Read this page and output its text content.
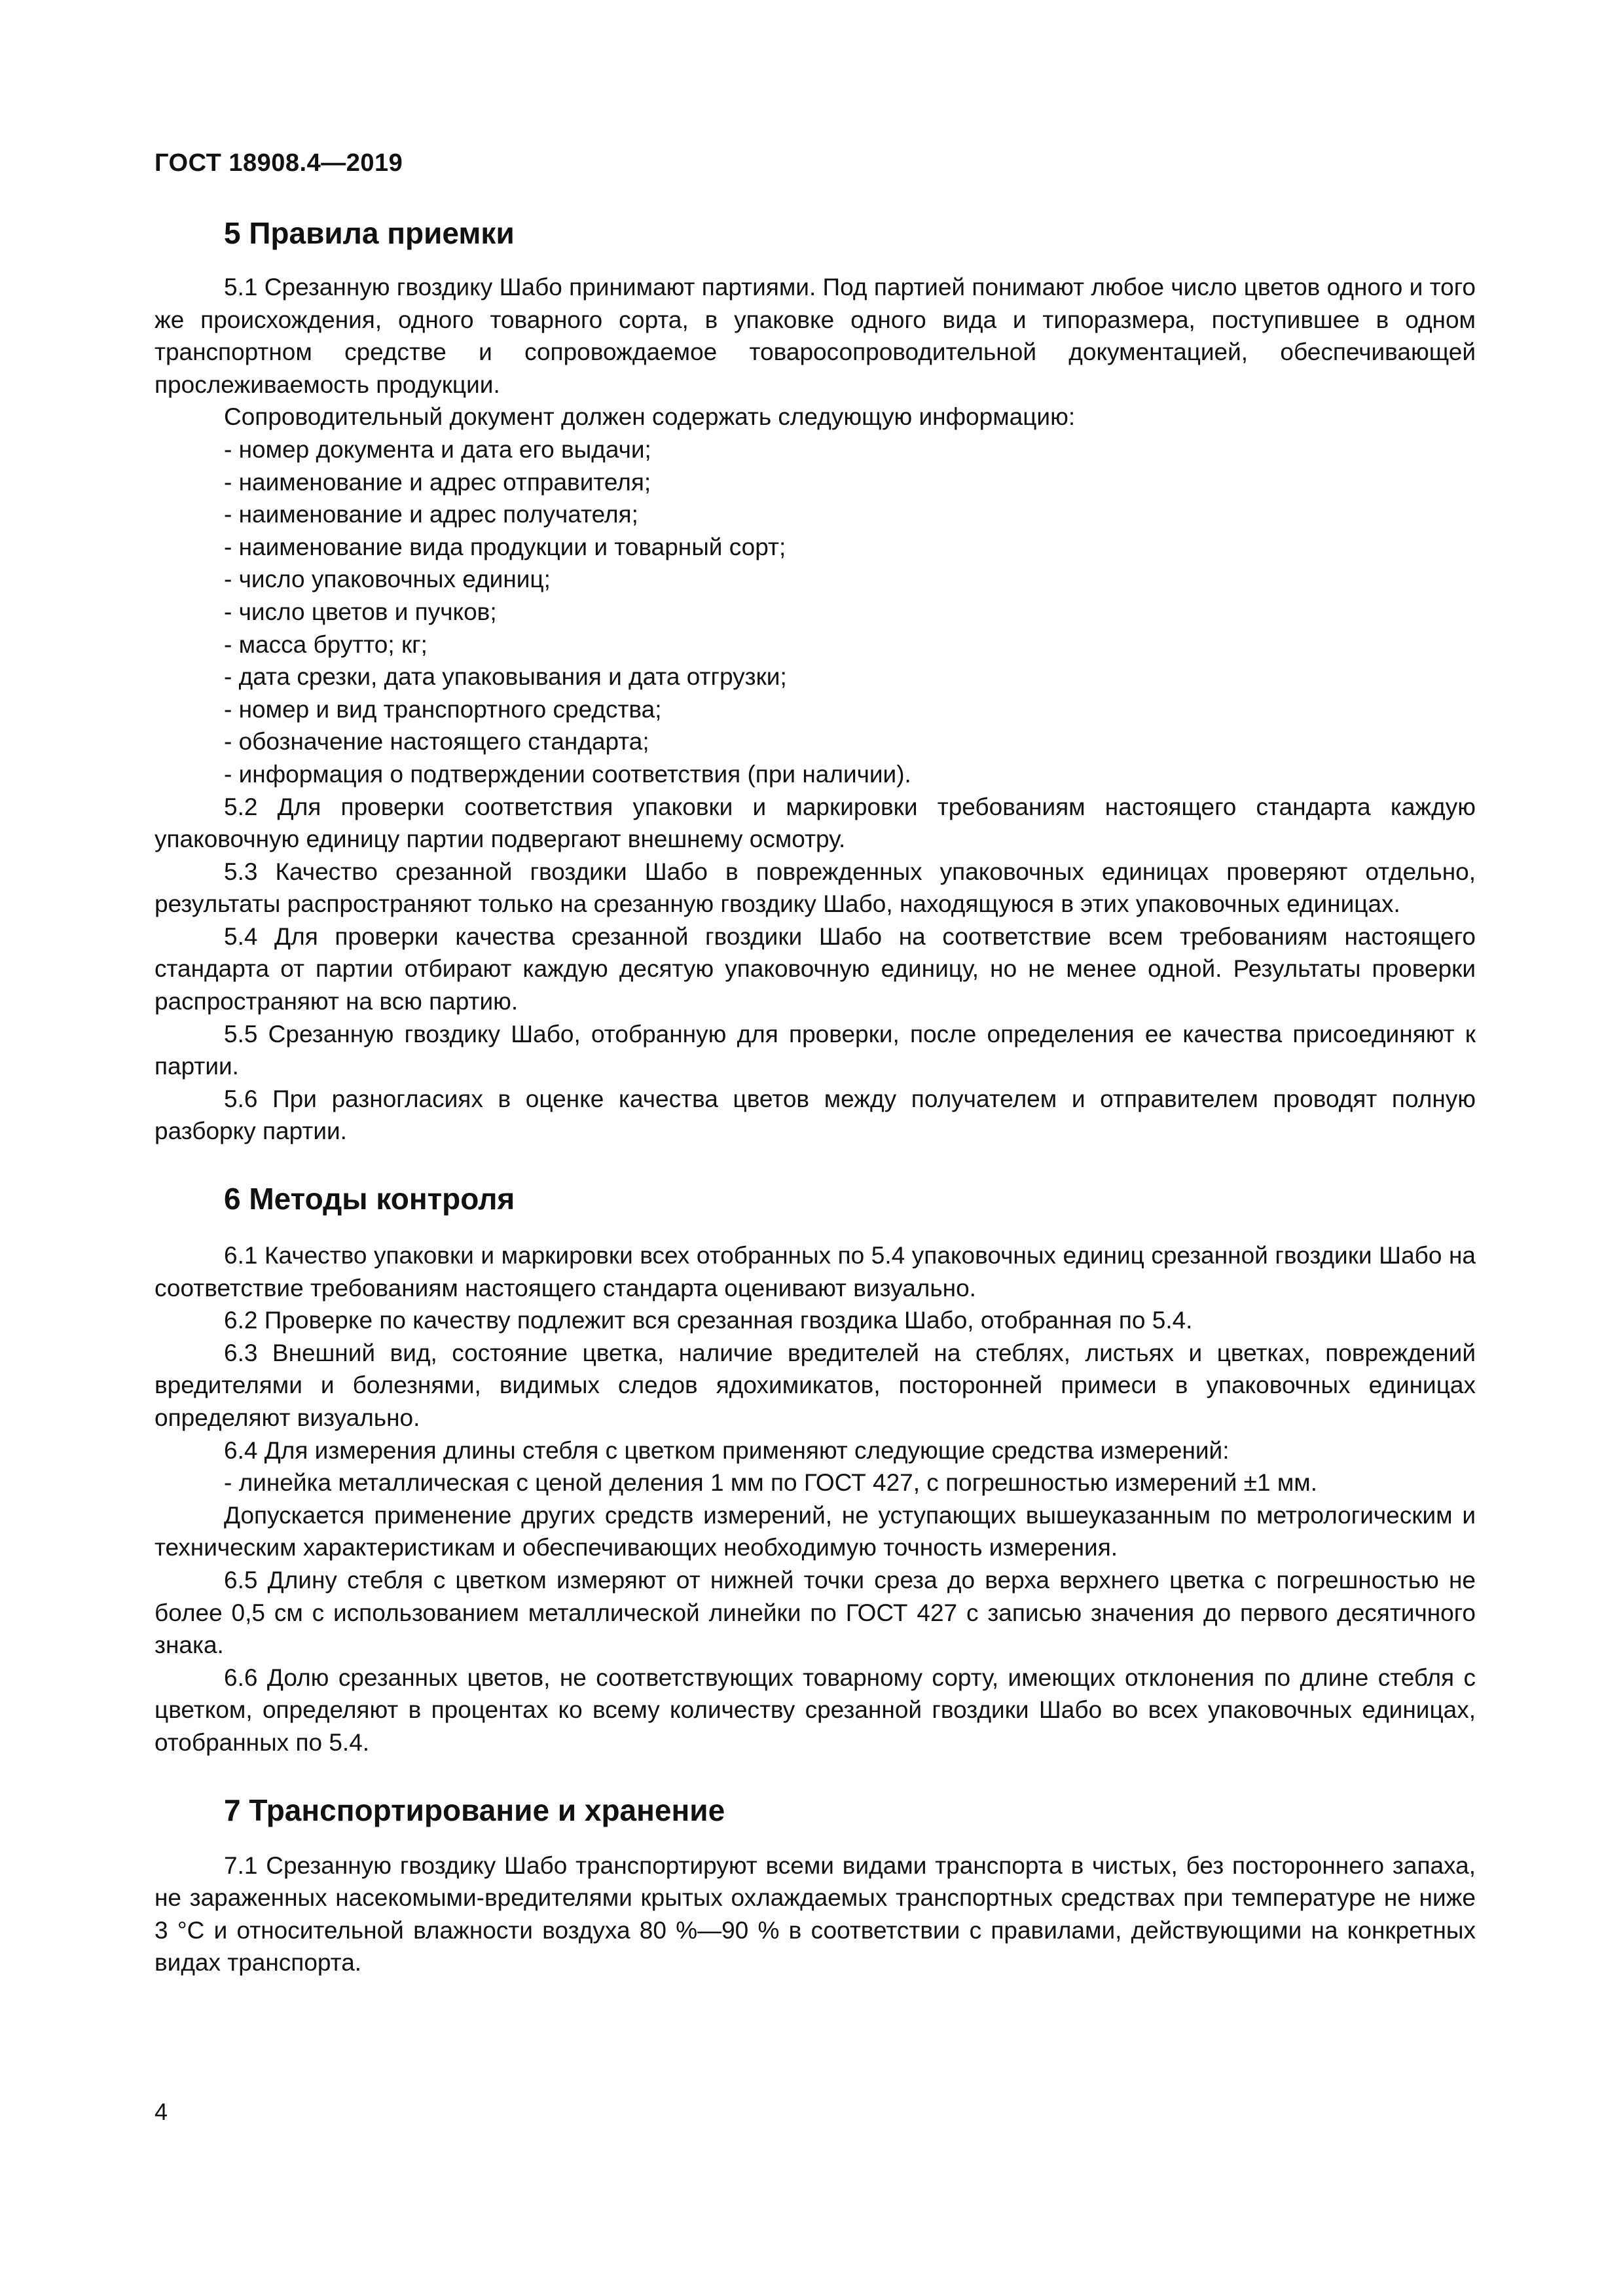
ГОСТ 18908.4—2019
5 Правила приемки

5.1 Срезанную гвоздику Шабо принимают партиями. Под партией понимают любое число цветов одного и того же происхождения, одного товарного сорта, в упаковке одного вида и типоразмера, поступившее в одном транспортном средстве и сопровождаемое товаросопроводительной документацией, обеспечивающей прослеживаемость продукции.

Сопроводительный документ должен содержать следующую информацию:

- номер документа и дата его выдачи;
- наименование и адрес отправителя;
- наименование и адрес получателя;
- наименование вида продукции и товарный сорт;
- число упаковочных единиц;
- число цветов и пучков;
- масса брутто; кг;
- дата срезки, дата упаковывания и дата отгрузки;
- номер и вид транспортного средства;
- обозначение настоящего стандарта;
- информация о подтверждении соответствия (при наличии).

5.2 Для проверки соответствия упаковки и маркировки требованиям настоящего стандарта каждую упаковочную единицу партии подвергают внешнему осмотру.

5.3 Качество срезанной гвоздики Шабо в поврежденных упаковочных единицах проверяют отдельно, результаты распространяют только на срезанную гвоздику Шабо, находящуюся в этих упаковочных единицах.

5.4 Для проверки качества срезанной гвоздики Шабо на соответствие всем требованиям настоящего стандарта от партии отбирают каждую десятую упаковочную единицу, но не менее одной. Результаты проверки распространяют на всю партию.

5.5 Срезанную гвоздику Шабо, отобранную для проверки, после определения ее качества присоединяют к партии.

5.6 При разногласиях в оценке качества цветов между получателем и отправителем проводят полную разборку партии.

6 Методы контроля

6.1 Качество упаковки и маркировки всех отобранных по 5.4 упаковочных единиц срезанной гвоздики Шабо на соответствие требованиям настоящего стандарта оценивают визуально.

6.2 Проверке по качеству подлежит вся срезанная гвоздика Шабо, отобранная по 5.4.

6.3 Внешний вид, состояние цветка, наличие вредителей на стеблях, листьях и цветках, повреждений вредителями и болезнями, видимых следов ядохимикатов, посторонней примеси в упаковочных единицах определяют визуально.

6.4 Для измерения длины стебля с цветком применяют следующие средства измерений:

- линейка металлическая с ценой деления 1 мм по ГОСТ 427, с погрешностью измерений ±1 мм.

Допускается применение других средств измерений, не уступающих вышеуказанным по метрологическим и техническим характеристикам и обеспечивающих необходимую точность измерения.

6.5 Длину стебля с цветком измеряют от нижней точки среза до верха верхнего цветка с погрешностью не более 0,5 см с использованием металлической линейки по ГОСТ 427 с записью значения до первого десятичного знака.

6.6 Долю срезанных цветов, не соответствующих товарному сорту, имеющих отклонения по длине стебля с цветком, определяют в процентах ко всему количеству срезанной гвоздики Шабо во всех упаковочных единицах, отобранных по 5.4.

7 Транспортирование и хранение

7.1 Срезанную гвоздику Шабо транспортируют всеми видами транспорта в чистых, без постороннего запаха, не зараженных насекомыми-вредителями крытых охлаждаемых транспортных средствах при температуре не ниже 3 °С и относительной влажности воздуха 80 %—90 % в соответствии с правилами, действующими на конкретных видах транспорта.

4
